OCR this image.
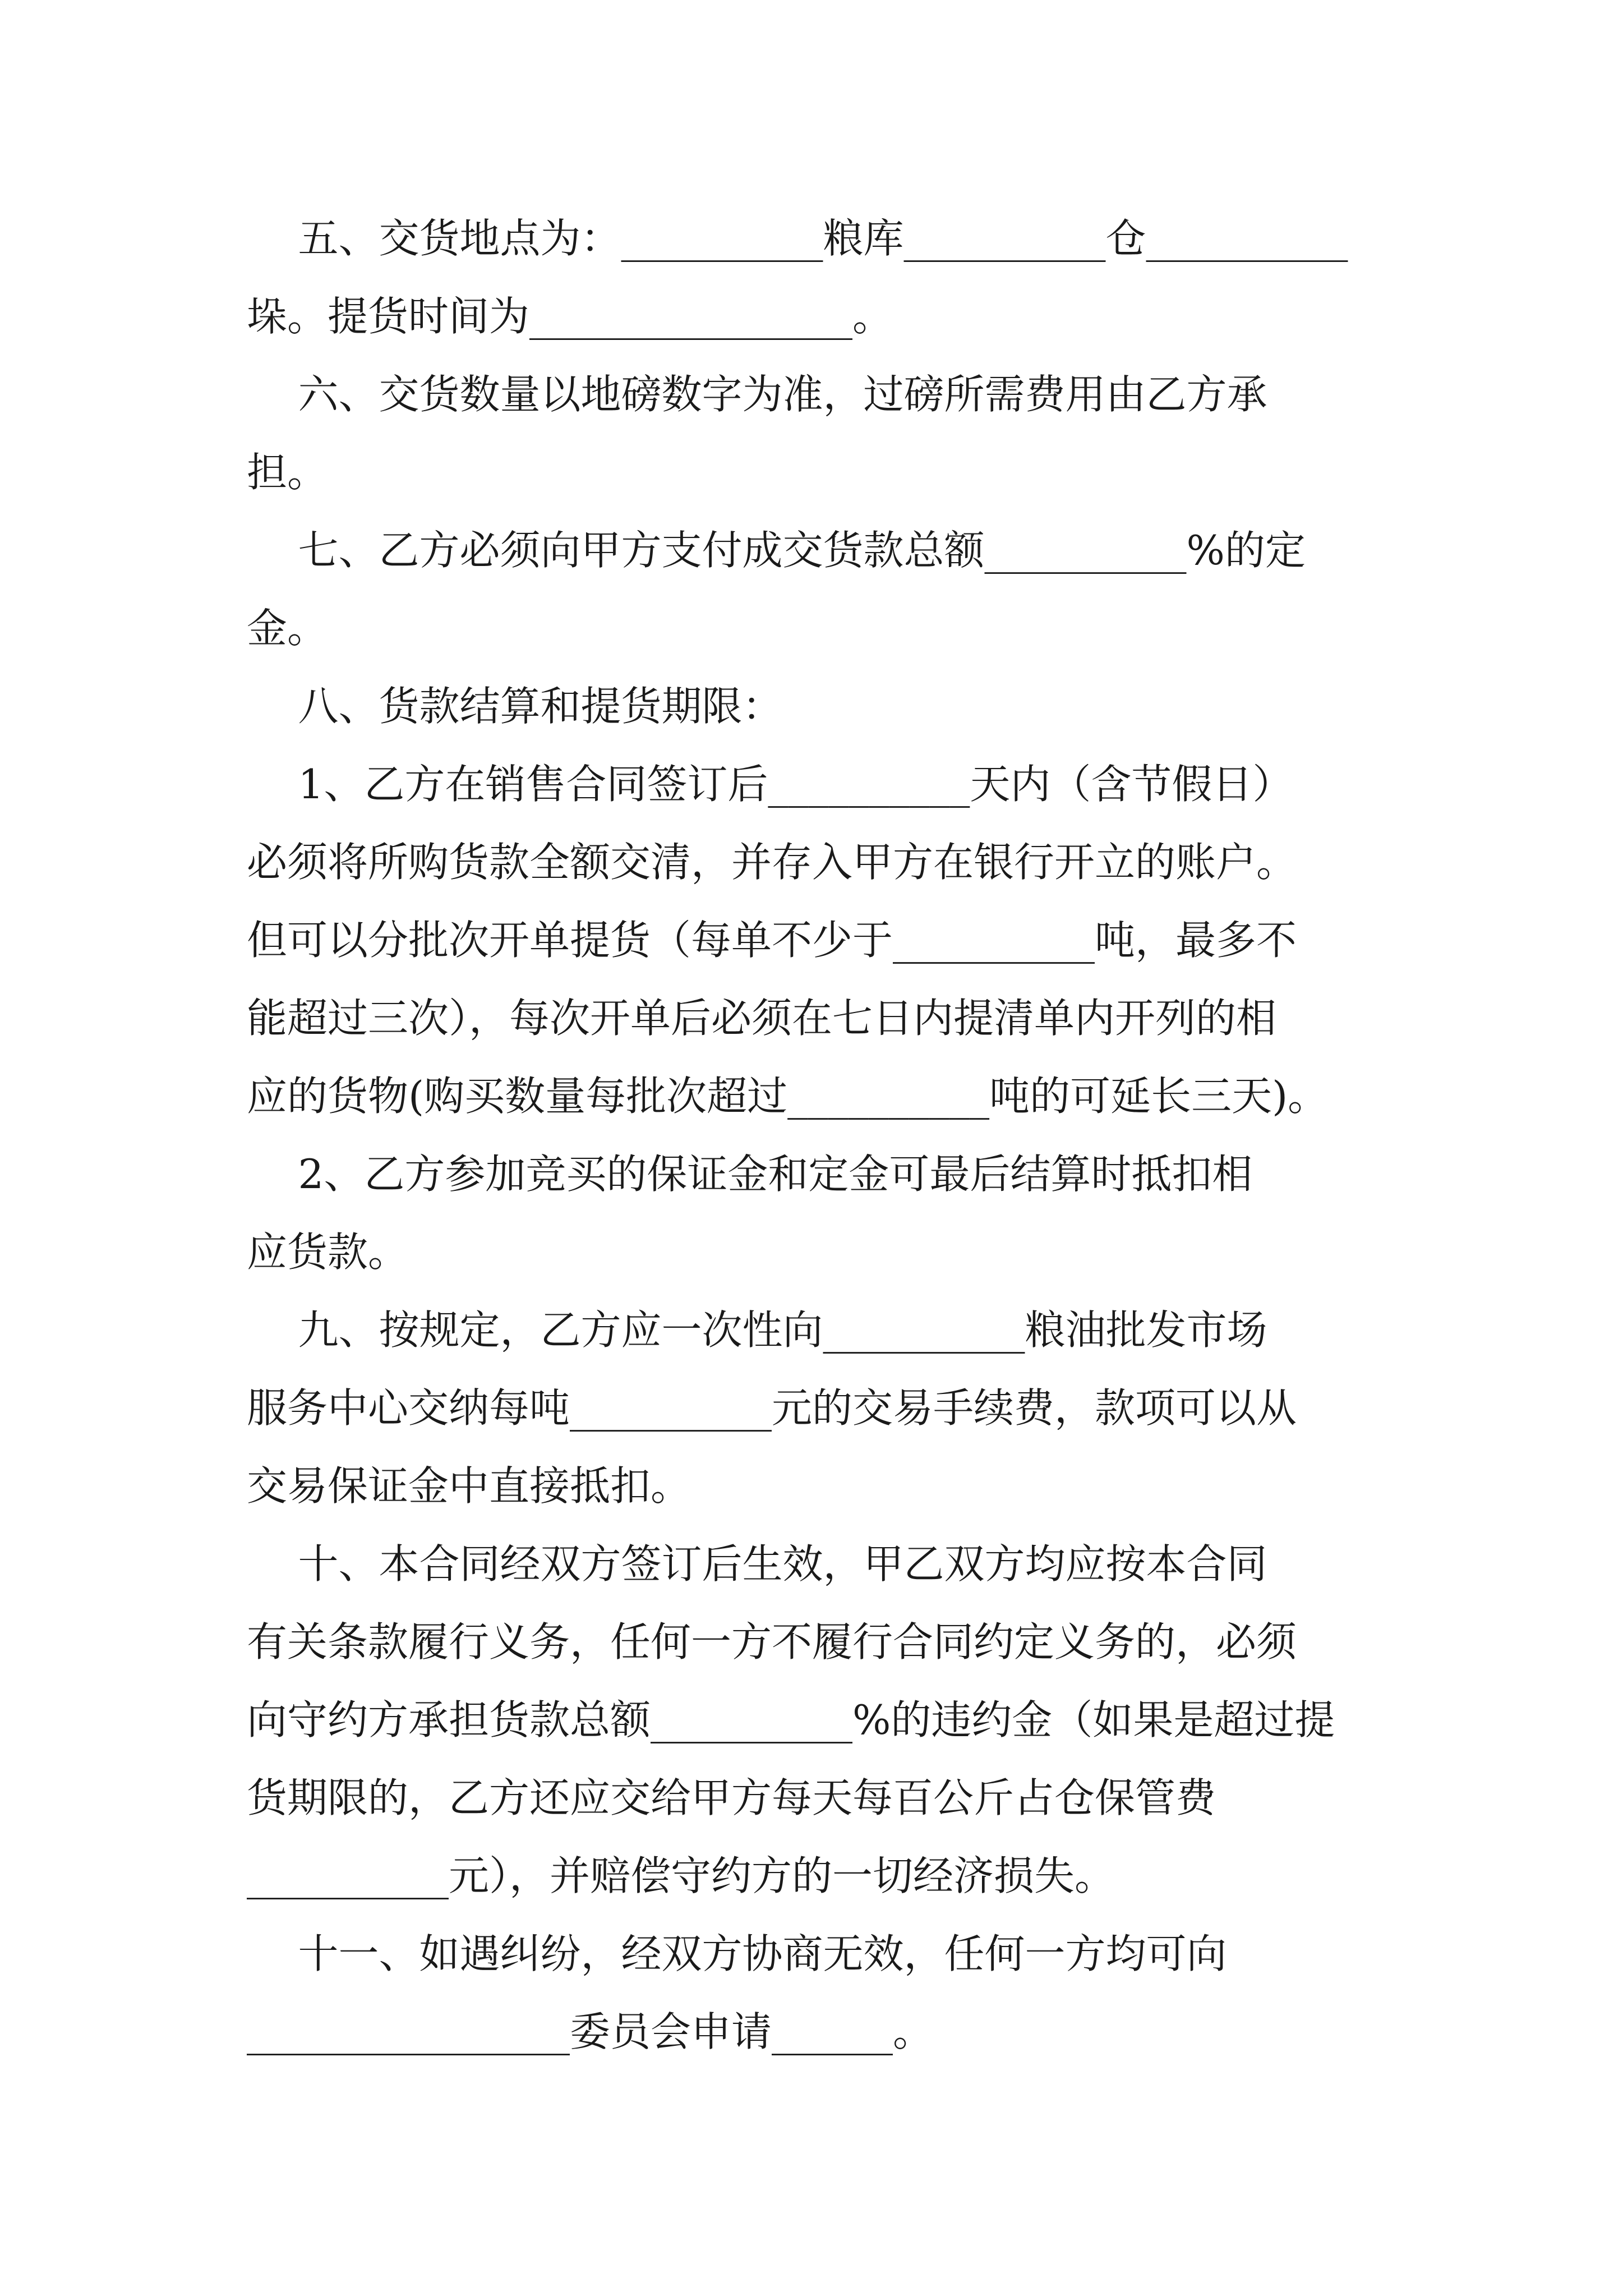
五、交货地点为：__________粮库__________仓__________
垛。提货时间为________________。
六、交货数量以地磅数字为准，过磅所需费用由乙方承
担。
七、乙方必须向甲方支付成交货款总额__________%的定
金。
八、货款结算和提货期限：
1、乙方在销售合同签订后__________天内（含节假日）
必须将所购货款全额交清，并存入甲方在银行开立的账户。
但可以分批次开单提货（每单不少于__________吨，最多不
能超过三次），每次开单后必须在七日内提清单内开列的相
应的货物(购买数量每批次超过__________吨的可延长三天)。
2、乙方参加竞买的保证金和定金可最后结算时抵扣相
应货款。
九、按规定，乙方应一次性向__________粮油批发市场
服务中心交纳每吨__________元的交易手续费，款项可以从
交易保证金中直接抵扣。
十、本合同经双方签订后生效，甲乙双方均应按本合同
有关条款履行义务，任何一方不履行合同约定义务的，必须
向守约方承担货款总额__________%的违约金（如果是超过提
货期限的，乙方还应交给甲方每天每百公斤占仓保管费
__________元），并赔偿守约方的一切经济损失。
十一、如遇纠纷，经双方协商无效，任何一方均可向
________________委员会申请______。
